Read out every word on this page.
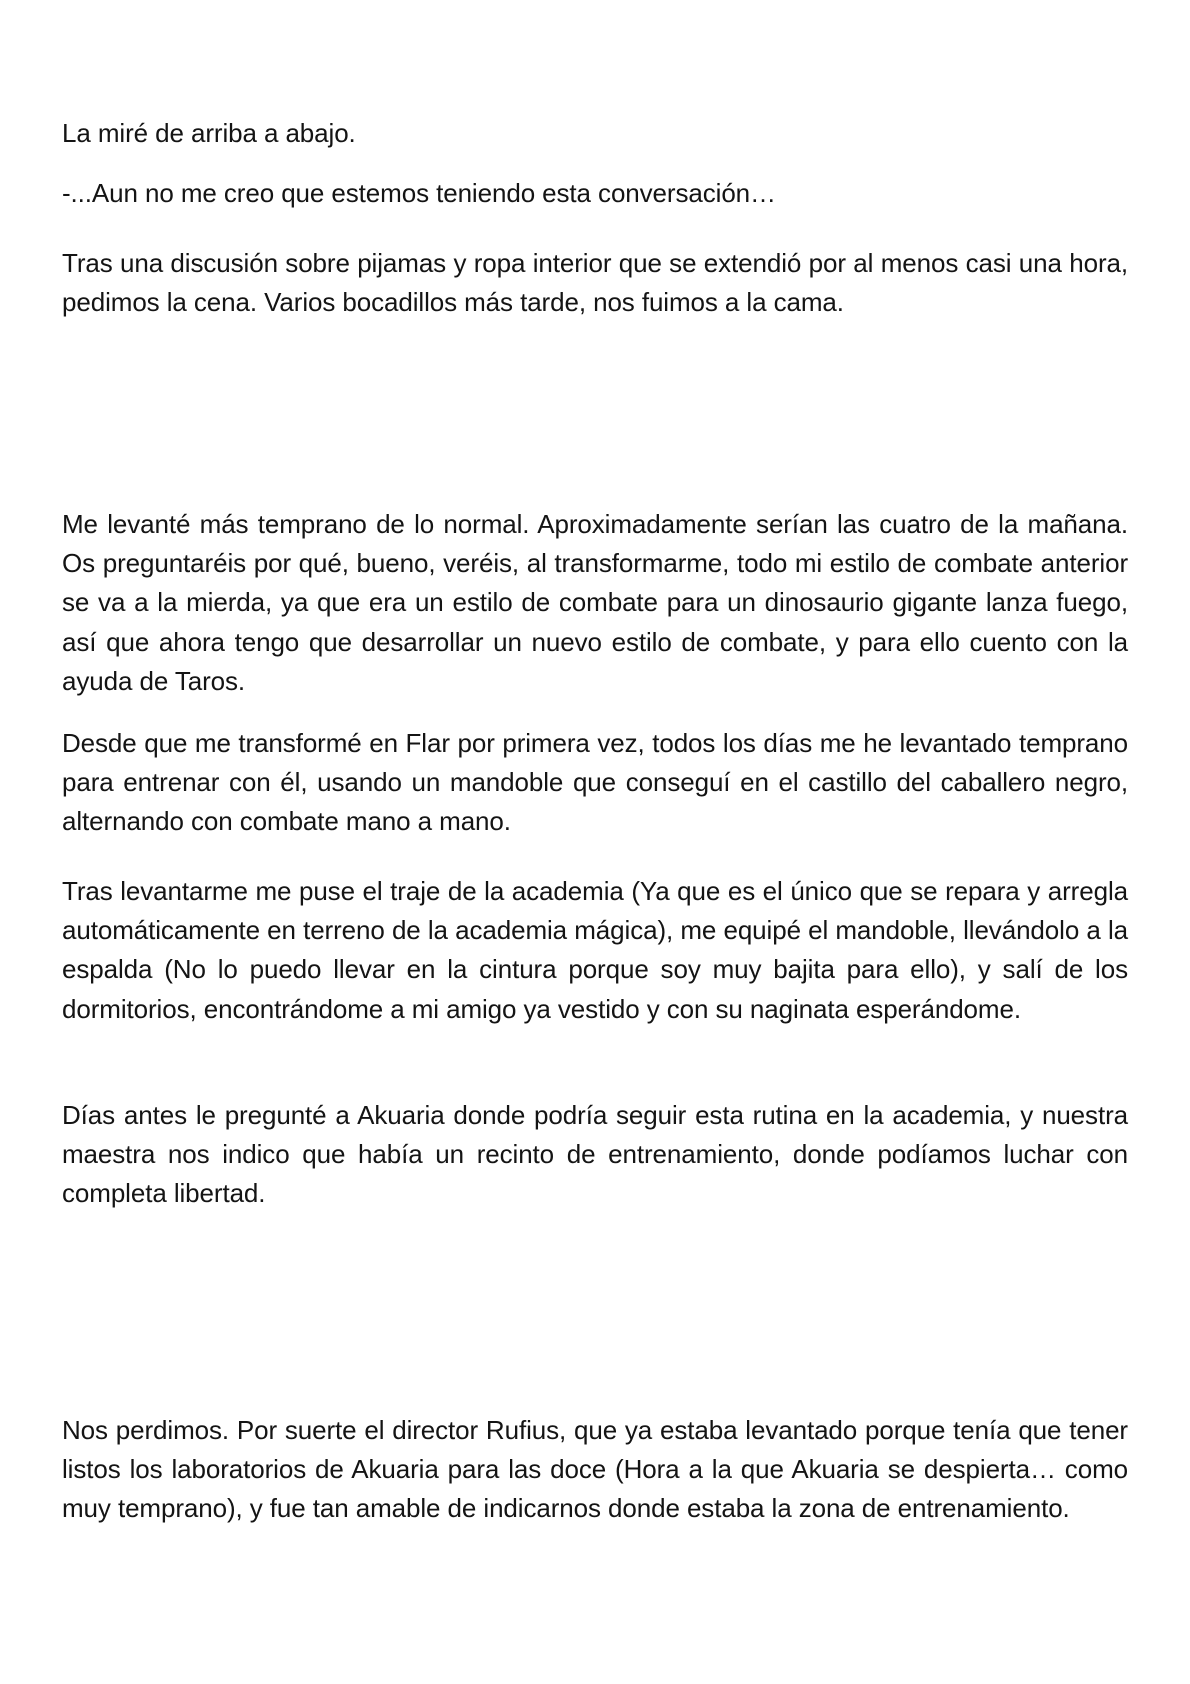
La miré de arriba a abajo.

-...Aun no me creo que estemos teniendo esta conversación…

Tras una discusión sobre pijamas y ropa interior que se extendió por al menos casi una hora, pedimos la cena. Varios bocadillos más tarde, nos fuimos a la cama.

Me levanté más temprano de lo normal. Aproximadamente serían las cuatro de la mañana. Os preguntaréis por qué, bueno, veréis, al transformarme, todo mi estilo de combate anterior se va a la mierda, ya que era un estilo de combate para un dinosaurio gigante lanza fuego, así que ahora tengo que desarrollar un nuevo estilo de combate, y para ello cuento con la ayuda de Taros.

Desde que me transformé en Flar por primera vez, todos los días me he levantado temprano para entrenar con él, usando un mandoble que conseguí en el castillo del caballero negro, alternando con combate mano a mano.

Tras levantarme me puse el traje de la academia (Ya que es el único que se repara y arregla automáticamente en terreno de la academia mágica), me equipé el mandoble, llevándolo a la espalda (No lo puedo llevar en la cintura porque soy muy bajita para ello), y salí de los dormitorios, encontrándome a mi amigo ya vestido y con su naginata esperándome.

Días antes le pregunté a Akuaria donde podría seguir esta rutina en la academia, y nuestra maestra nos indico que había un recinto de entrenamiento, donde podíamos luchar con completa libertad.

Nos perdimos. Por suerte el director Rufius, que ya estaba levantado porque tenía que tener listos los laboratorios de Akuaria para las doce (Hora a la que Akuaria se despierta… como muy temprano), y fue tan amable de indicarnos donde estaba la zona de entrenamiento.
